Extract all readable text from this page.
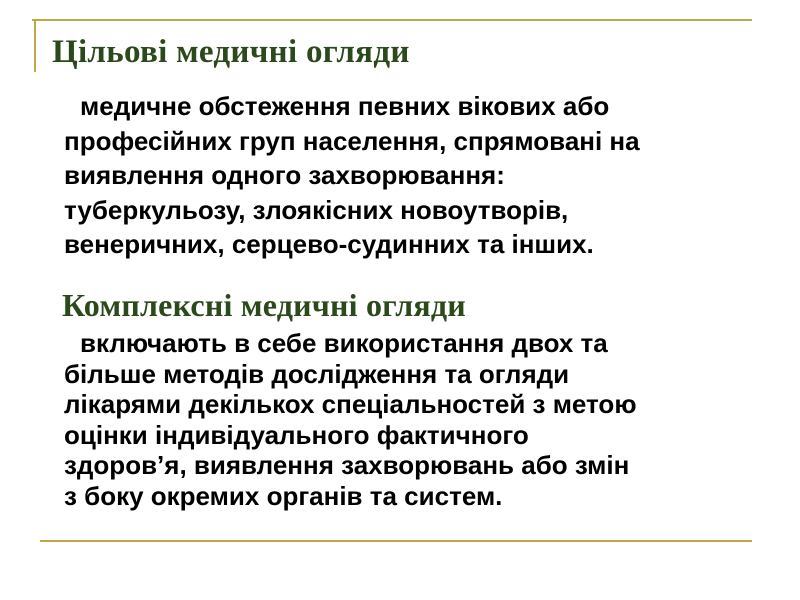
Цільові медичні огляди

медичне обстеження певних вікових або
професійних груп населення, спрямовані на
виявлення одного захворювання:
туберкульозу, злоякісних новоутворів,
венеричних, серцево-судинних та інших.

Комплексні медичні огляди

включають в себе використання двох та
більше методів дослідження та огляди
лікарями декількох спеціальностей з метою
оцінки індивідуального фактичного
здоров’я, виявлення захворювань або змін
з боку окремих органів та систем.
